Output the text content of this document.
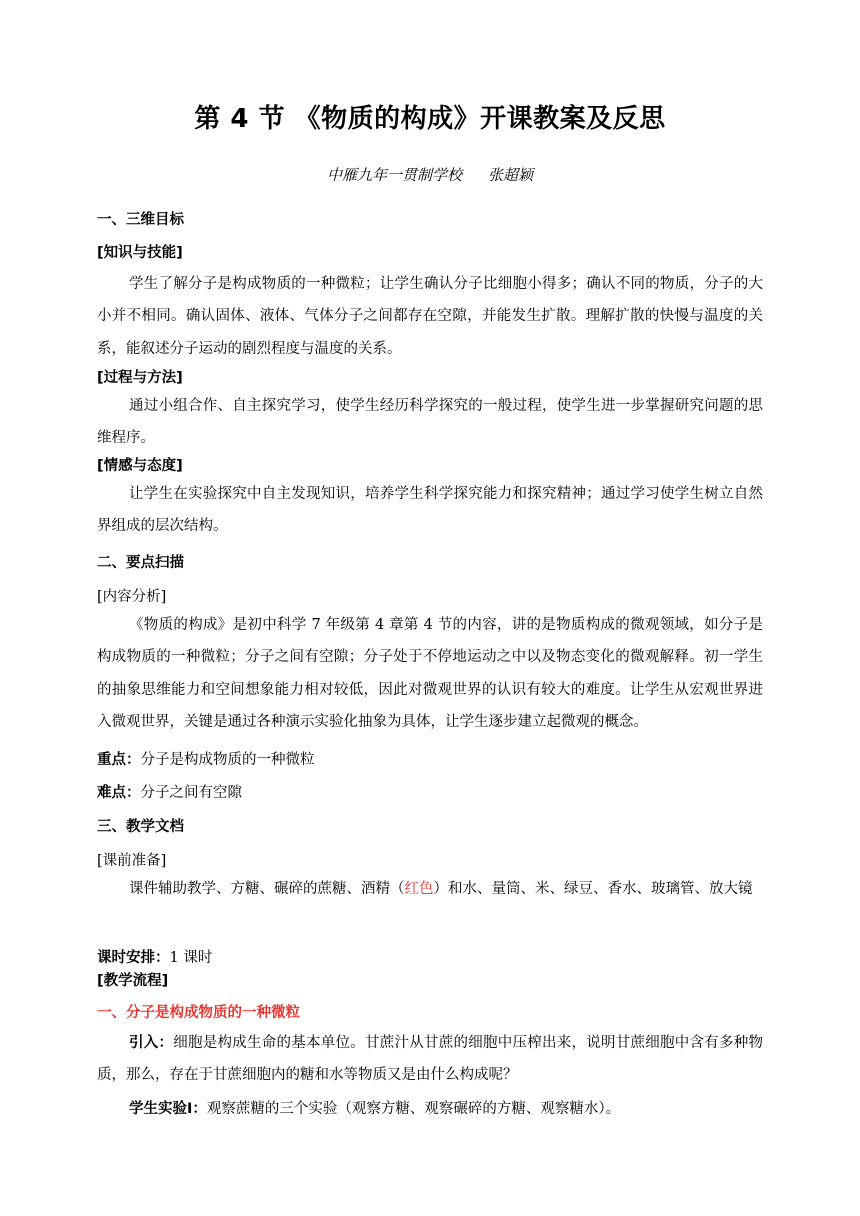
第 4 节 《物质的构成》开课教案及反思
中雁九年一贯制学校 张超颖
一、三维目标
[知识与技能]
学生了解分子是构成物质的一种微粒；让学生确认分子比细胞小得多；确认不同的物质，分子的大小并不相同。确认固体、液体、气体分子之间都存在空隙，并能发生扩散。理解扩散的快慢与温度的关系，能叙述分子运动的剧烈程度与温度的关系。
[过程与方法]
通过小组合作、自主探究学习，使学生经历科学探究的一般过程，使学生进一步掌握研究问题的思维程序。
[情感与态度]
让学生在实验探究中自主发现知识，培养学生科学探究能力和探究精神；通过学习使学生树立自然界组成的层次结构。
二、要点扫描
[内容分析]
《物质的构成》是初中科学 7 年级第 4 章第 4 节的内容，讲的是物质构成的微观领域，如分子是构成物质的一种微粒；分子之间有空隙；分子处于不停地运动之中以及物态变化的微观解释。初一学生的抽象思维能力和空间想象能力相对较低，因此对微观世界的认识有较大的难度。让学生从宏观世界进入微观世界，关键是通过各种演示实验化抽象为具体，让学生逐步建立起微观的概念。
重点：分子是构成物质的一种微粒
难点：分子之间有空隙
三、教学文档
[课前准备]
课件辅助教学、方糖、碾碎的蔗糖、酒精（红色）和水、量筒、米、绿豆、香水、玻璃管、放大镜
课时安排：1 课时
[教学流程]
一、分子是构成物质的一种微粒
引入：细胞是构成生命的基本单位。甘蔗汁从甘蔗的细胞中压榨出来，说明甘蔗细胞中含有多种物质，那么，存在于甘蔗细胞内的糖和水等物质又是由什么构成呢？
学生实验Ⅰ：观察蔗糖的三个实验（观察方糖、观察碾碎的方糖、观察糖水）。
